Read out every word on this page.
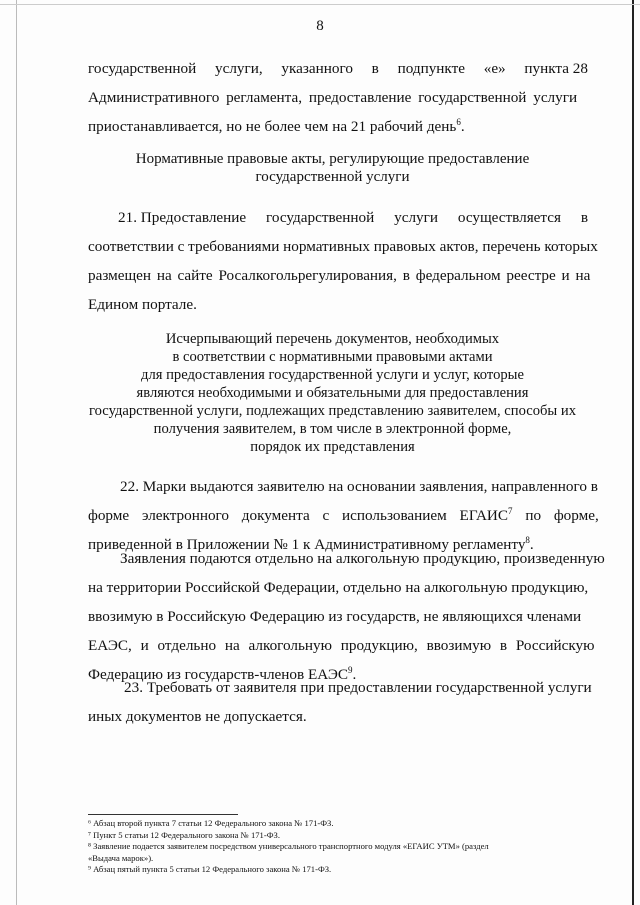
8
государственной услуги, указанного в подпункте «е» пункта 28
Административного регламента, предоставление государственной услуги
приостанавливается, но не более чем на 21 рабочий день$^6$.
Нормативные правовые акты, регулирующие предоставление
государственной услуги
21. Предоставление государственной услуги осуществляется в
соответствии с требованиями нормативных правовых актов, перечень которых
размещен на сайте Росалкогольрегулирования, в федеральном реестре и на
Едином портале.
Исчерпывающий перечень документов, необходимых
в соответствии с нормативными правовыми актами
для предоставления государственной услуги и услуг, которые
являются необходимыми и обязательными для предоставления
государственной услуги, подлежащих представлению заявителем, способы их
получения заявителем, в том числе в электронной форме,
порядок их представления
22. Марки выдаются заявителю на основании заявления, направленного в
форме электронного документа с использованием ЕГАИС$^7$ по форме,
приведенной в Приложении № 1 к Административному регламенту$^8$.
Заявления подаются отдельно на алкогольную продукцию, произведенную
на территории Российской Федерации, отдельно на алкогольную продукцию,
ввозимую в Российскую Федерацию из государств, не являющихся членами
ЕАЭС, и отдельно на алкогольную продукцию, ввозимую в Российскую
Федерацию из государств-членов ЕАЭС$^9$.
23. Требовать от заявителя при предоставлении государственной услуги
иных документов не допускается.
⁶ Абзац второй пункта 7 статьи 12 Федерального закона № 171-ФЗ.
⁷ Пункт 5 статьи 12 Федерального закона № 171-ФЗ.
⁸ Заявление подается заявителем посредством универсального транспортного модуля «ЕГАИС УТМ» (раздел
«Выдача марок»).
⁹ Абзац пятый пункта 5 статьи 12 Федерального закона № 171-ФЗ.
